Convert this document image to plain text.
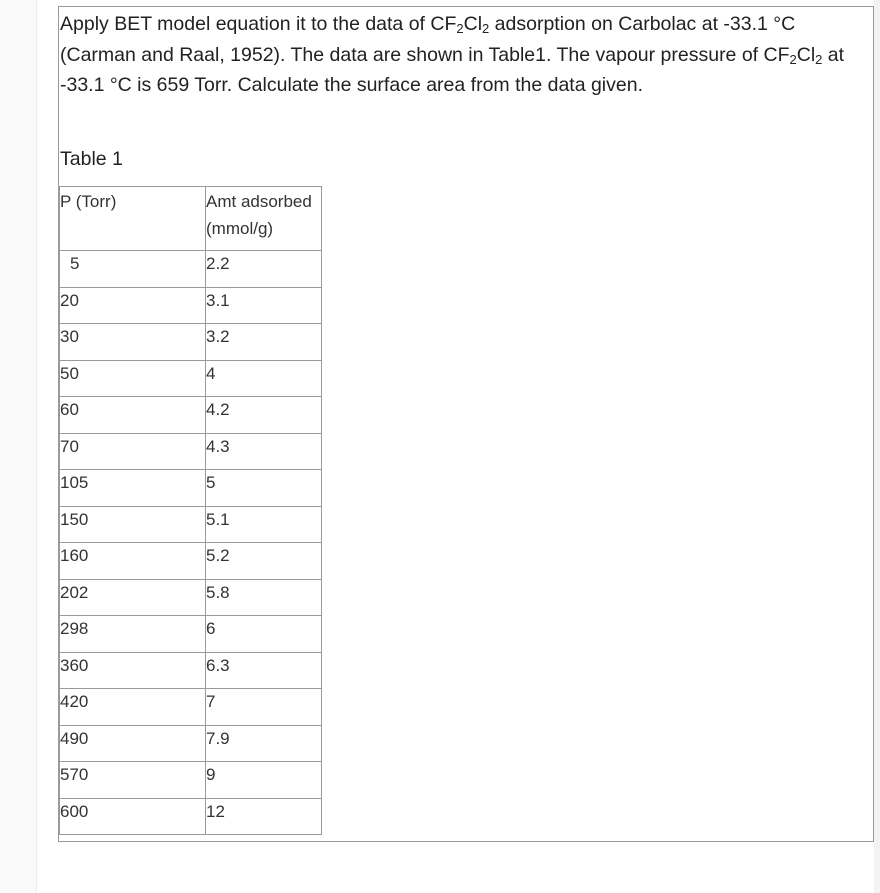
Apply BET model equation it to the data of $CF_2Cl_2$ adsorption on Carbolac at -33.1 °C (Carman and Raal, 1952). The data are shown in Table1. The vapour pressure of $CF_2Cl_2$ at -33.1 °C is 659 Torr. Calculate the surface area from the data given.
Table 1
P (Torr)	Amt adsorbed (mmol/g)
5	2.2
20	3.1
30	3.2
50	4
60	4.2
70	4.3
105	5
150	5.1
160	5.2
202	5.8
298	6
360	6.3
420	7
490	7.9
570	9
600	12
